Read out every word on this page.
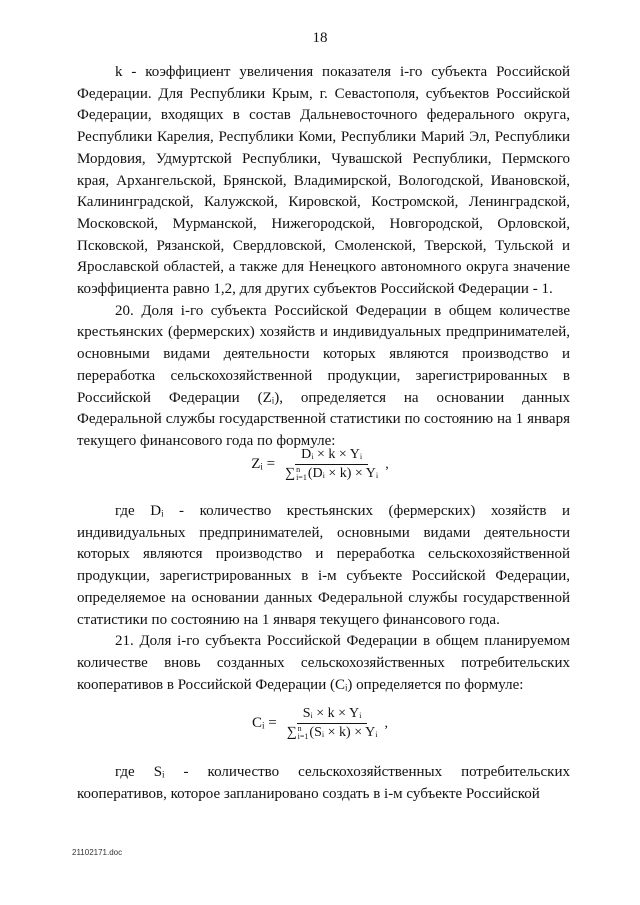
18

k - коэффициент увеличения показателя i-го субъекта Российской Федерации. Для Республики Крым, г. Севастополя, субъектов Российской Федерации, входящих в состав Дальневосточного федерального округа, Республики Карелия, Республики Коми, Республики Марий Эл, Республики Мордовия, Удмуртской Республики, Чувашской Республики, Пермского края, Архангельской, Брянской, Владимирской, Вологодской, Ивановской, Калининградской, Калужской, Кировской, Костромской, Ленинградской, Московской, Мурманской, Нижегородской, Новгородской, Орловской, Псковской, Рязанской, Свердловской, Смоленской, Тверской, Тульской и Ярославской областей, а также для Ненецкого автономного округа значение коэффициента равно 1,2, для других субъектов Российской Федерации - 1.

20. Доля i-го субъекта Российской Федерации в общем количестве крестьянских (фермерских) хозяйств и индивидуальных предпринимателей, основными видами деятельности которых являются производство и переработка сельскохозяйственной продукции, зарегистрированных в Российской Федерации (Zᵢ), определяется на основании данных Федеральной службы государственной статистики по состоянию на 1 января текущего финансового года по формуле:

Zᵢ = Dᵢ × k × Yᵢ
∑ n
i=1 (Dᵢ × k) × Yᵢ ,

где Dᵢ - количество крестьянских (фермерских) хозяйств и индивидуальных предпринимателей, основными видами деятельности которых являются производство и переработка сельскохозяйственной продукции, зарегистрированных в i-м субъекте Российской Федерации, определяемое на основании данных Федеральной службы государственной статистики по состоянию на 1 января текущего финансового года.

21. Доля i-го субъекта Российской Федерации в общем планируемом количестве вновь созданных сельскохозяйственных потребительских кооперативов в Российской Федерации (Cᵢ) определяется по формуле:

Cᵢ = Sᵢ × k × Yᵢ
∑ n
i=1 (Sᵢ × k) × Yᵢ ,

где Sᵢ - количество сельскохозяйственных потребительских кооперативов, которое запланировано создать в i-м субъекте Российской

21102171.doc
